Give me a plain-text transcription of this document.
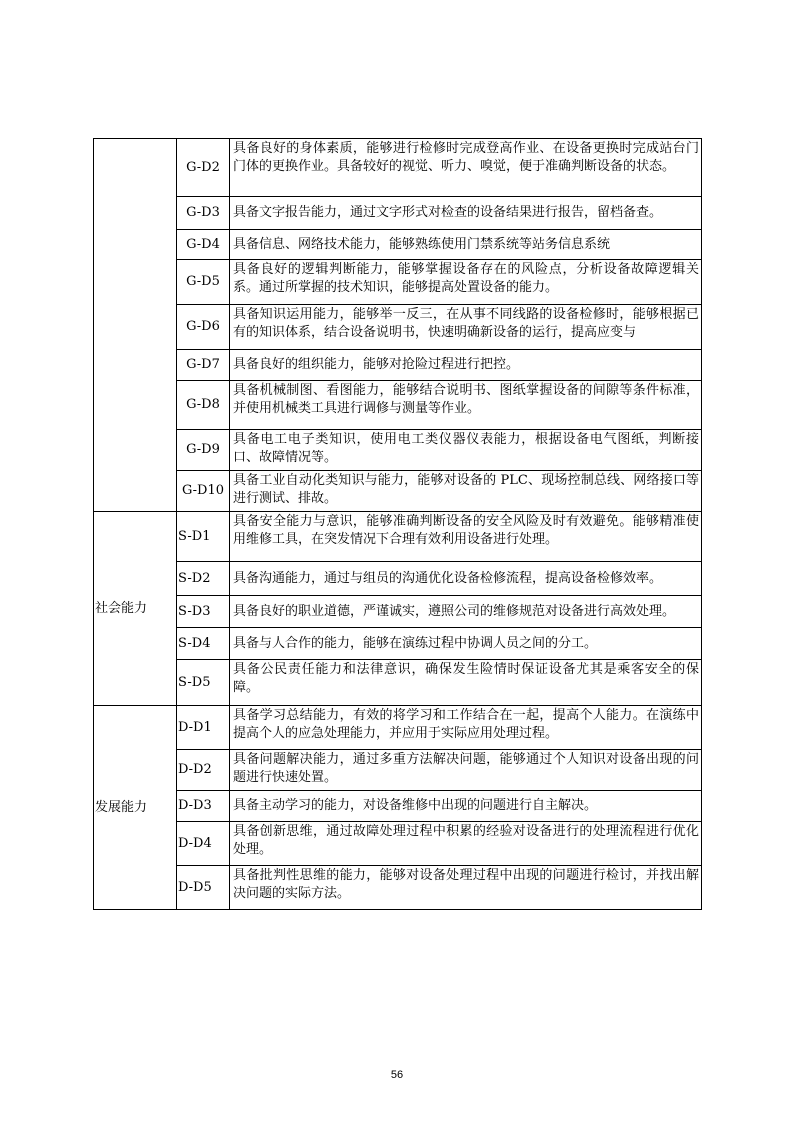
	G-D2	具备良好的身体素质，能够进行检修时完成登高作业、在设备更换时完成站台门门体的更换作业。具备较好的视觉、听力、嗅觉，便于准确判断设备的状态。
	G-D3	具备文字报告能力，通过文字形式对检查的设备结果进行报告，留档备查。
	G-D4	具备信息、网络技术能力，能够熟练使用门禁系统等站务信息系统
	G-D5	具备良好的逻辑判断能力，能够掌握设备存在的风险点，分析设备故障逻辑关系。通过所掌握的技术知识，能够提高处置设备的能力。
	G-D6	具备知识运用能力，能够举一反三，在从事不同线路的设备检修时，能够根据已有的知识体系，结合设备说明书，快速明确新设备的运行，提高应变与
	G-D7	具备良好的组织能力，能够对抢险过程进行把控。
	G-D8	具备机械制图、看图能力，能够结合说明书、图纸掌握设备的间隙等条件标准，并使用机械类工具进行调修与测量等作业。
	G-D9	具备电工电子类知识，使用电工类仪器仪表能力，根据设备电气图纸，判断接口、故障情况等。
	G-D10	具备工业自动化类知识与能力，能够对设备的 PLC、现场控制总线、网络接口等进行测试、排故。
社会能力	S-D1	具备安全能力与意识，能够准确判断设备的安全风险及时有效避免。能够精准使用维修工具，在突发情况下合理有效利用设备进行处理。
	S-D2	具备沟通能力，通过与组员的沟通优化设备检修流程，提高设备检修效率。
	S-D3	具备良好的职业道德，严谨诚实，遵照公司的维修规范对设备进行高效处理。
	S-D4	具备与人合作的能力，能够在演练过程中协调人员之间的分工。
	S-D5	具备公民责任能力和法律意识，确保发生险情时保证设备尤其是乘客安全的保障。
发展能力	D-D1	具备学习总结能力，有效的将学习和工作结合在一起，提高个人能力。在演练中提高个人的应急处理能力，并应用于实际应用处理过程。
	D-D2	具备问题解决能力，通过多重方法解决问题，能够通过个人知识对设备出现的问题进行快速处置。
	D-D3	具备主动学习的能力，对设备维修中出现的问题进行自主解决。
	D-D4	具备创新思维，通过故障处理过程中积累的经验对设备进行的处理流程进行优化处理。
	D-D5	具备批判性思维的能力，能够对设备处理过程中出现的问题进行检讨，并找出解决问题的实际方法。
56
